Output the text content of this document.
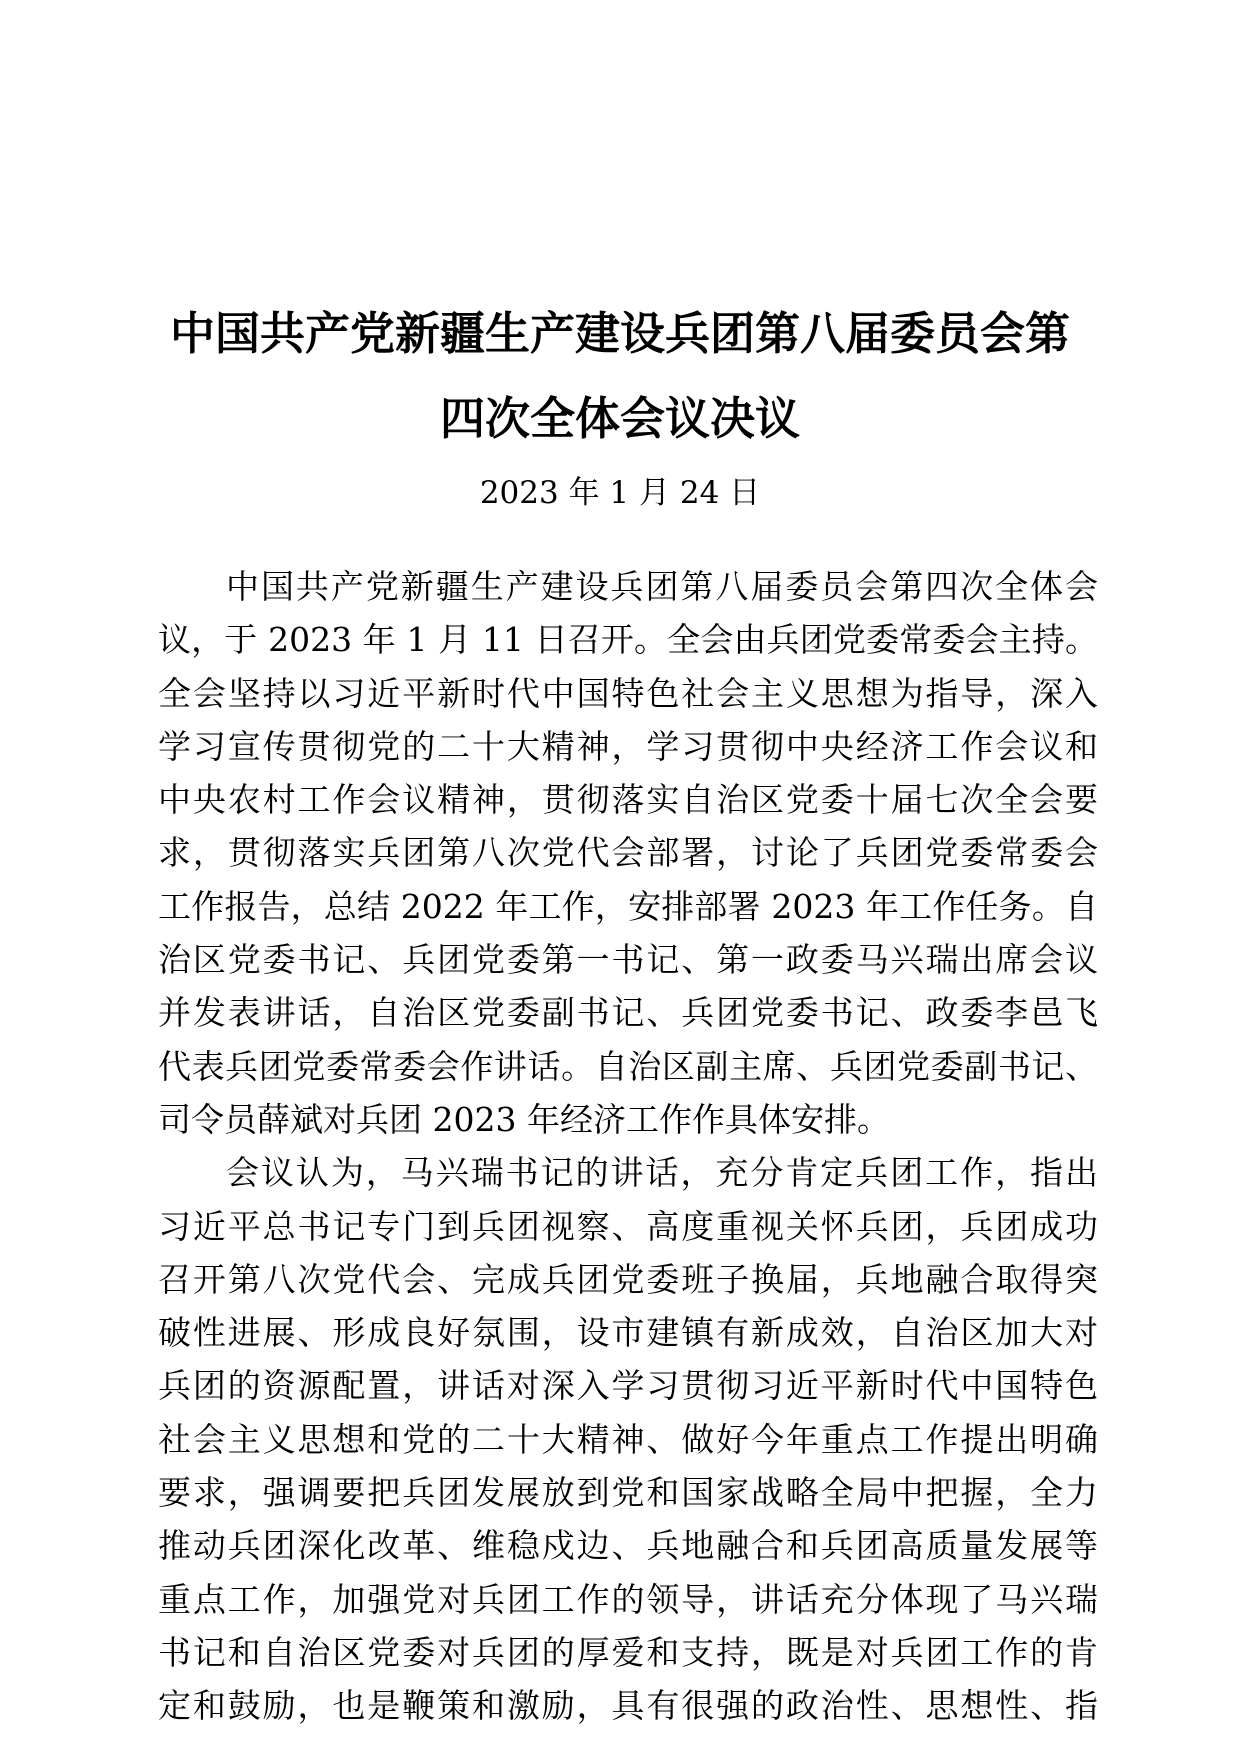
中国共产党新疆生产建设兵团第八届委员会第
四次全体会议决议
2023 年 1 月 24 日
中国共产党新疆生产建设兵团第八届委员会第四次全体会
议，于 2023 年 1 月 11 日召开。全会由兵团党委常委会主持。
全会坚持以习近平新时代中国特色社会主义思想为指导，深入
学习宣传贯彻党的二十大精神，学习贯彻中央经济工作会议和
中央农村工作会议精神，贯彻落实自治区党委十届七次全会要
求，贯彻落实兵团第八次党代会部署，讨论了兵团党委常委会
工作报告，总结 2022 年工作，安排部署 2023 年工作任务。自
治区党委书记、兵团党委第一书记、第一政委马兴瑞出席会议
并发表讲话，自治区党委副书记、兵团党委书记、政委李邑飞
代表兵团党委常委会作讲话。自治区副主席、兵团党委副书记、
司令员薛斌对兵团 2023 年经济工作作具体安排。
会议认为，马兴瑞书记的讲话，充分肯定兵团工作，指出
习近平总书记专门到兵团视察、高度重视关怀兵团，兵团成功
召开第八次党代会、完成兵团党委班子换届，兵地融合取得突
破性进展、形成良好氛围，设市建镇有新成效，自治区加大对
兵团的资源配置，讲话对深入学习贯彻习近平新时代中国特色
社会主义思想和党的二十大精神、做好今年重点工作提出明确
要求，强调要把兵团发展放到党和国家战略全局中把握，全力
推动兵团深化改革、维稳戍边、兵地融合和兵团高质量发展等
重点工作，加强党对兵团工作的领导，讲话充分体现了马兴瑞
书记和自治区党委对兵团的厚爱和支持，既是对兵团工作的肯
定和鼓励，也是鞭策和激励，具有很强的政治性、思想性、指
